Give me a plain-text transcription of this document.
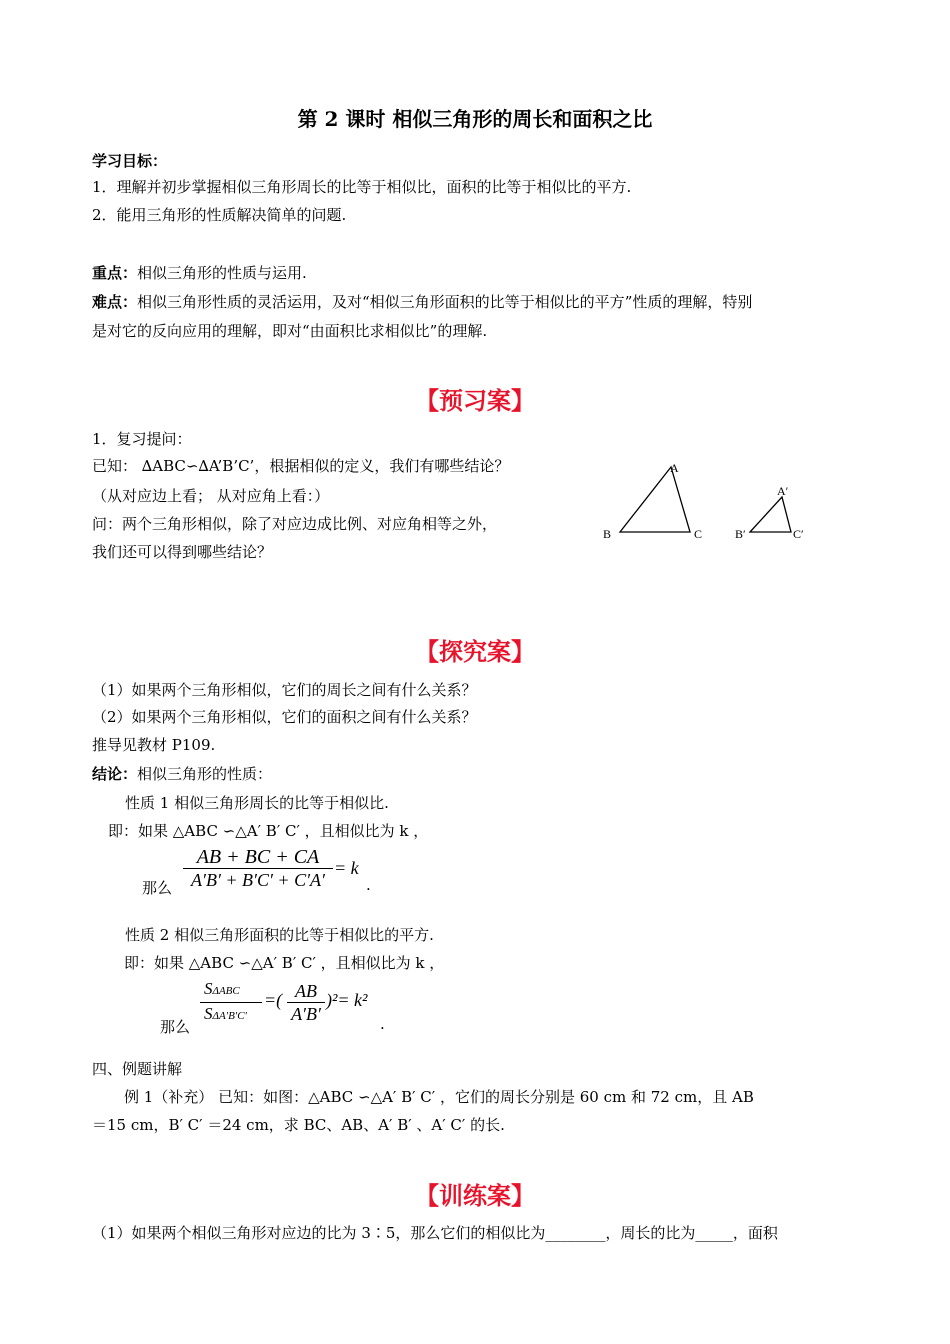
第 2 课时 相似三角形的周长和面积之比
学习目标：
1．理解并初步掌握相似三角形周长的比等于相似比，面积的比等于相似比的平方.
2．能用三角形的性质解决简单的问题.
重点：相似三角形的性质与运用.
难点：相似三角形性质的灵活运用，及对“相似三角形面积的比等于相似比的平方”性质的理解，特别
是对它的反向应用的理解，即对“由面积比求相似比”的理解.
【预习案】
1．复习提问：
已知： ∆ABC∽∆A’B’C’，根据相似的定义，我们有哪些结论？
（从对应边上看； 从对应角上看：）
问：两个三角形相似，除了对应边成比例、对应角相等之外，
我们还可以得到哪些结论？
A
B	C
A′
B′	C′
【探究案】
（1）如果两个三角形相似，它们的周长之间有什么关系？
（2）如果两个三角形相似，它们的面积之间有什么关系？
推导见教材 P109.
结论：相似三角形的性质：
性质 1 相似三角形周长的比等于相似比.
即：如果 △ABC ∽△A′ B′ C′ ，且相似比为 k ，
那么
AB + BC + CA
A′B′ + B′C′ + C′A′
= k
.
性质 2 相似三角形面积的比等于相似比的平方.
即：如果 △ABC ∽△A′ B′ C′ ，且相似比为 k ，
那么
SΔABC
SΔA′B′C′
=( AB
A′B′
)²= k²
.
四、例题讲解
例 1（补充） 已知：如图：△ABC ∽△A′ B′ C′ ，它们的周长分别是 60 cm 和 72 cm，且 AB
＝15 cm，B′ C′ ＝24 cm，求 BC、AB、A′ B′ 、A′ C′ 的长.
【训练案】
（1）如果两个相似三角形对应边的比为 3∶5，那么它们的相似比为________，周长的比为_____，面积
